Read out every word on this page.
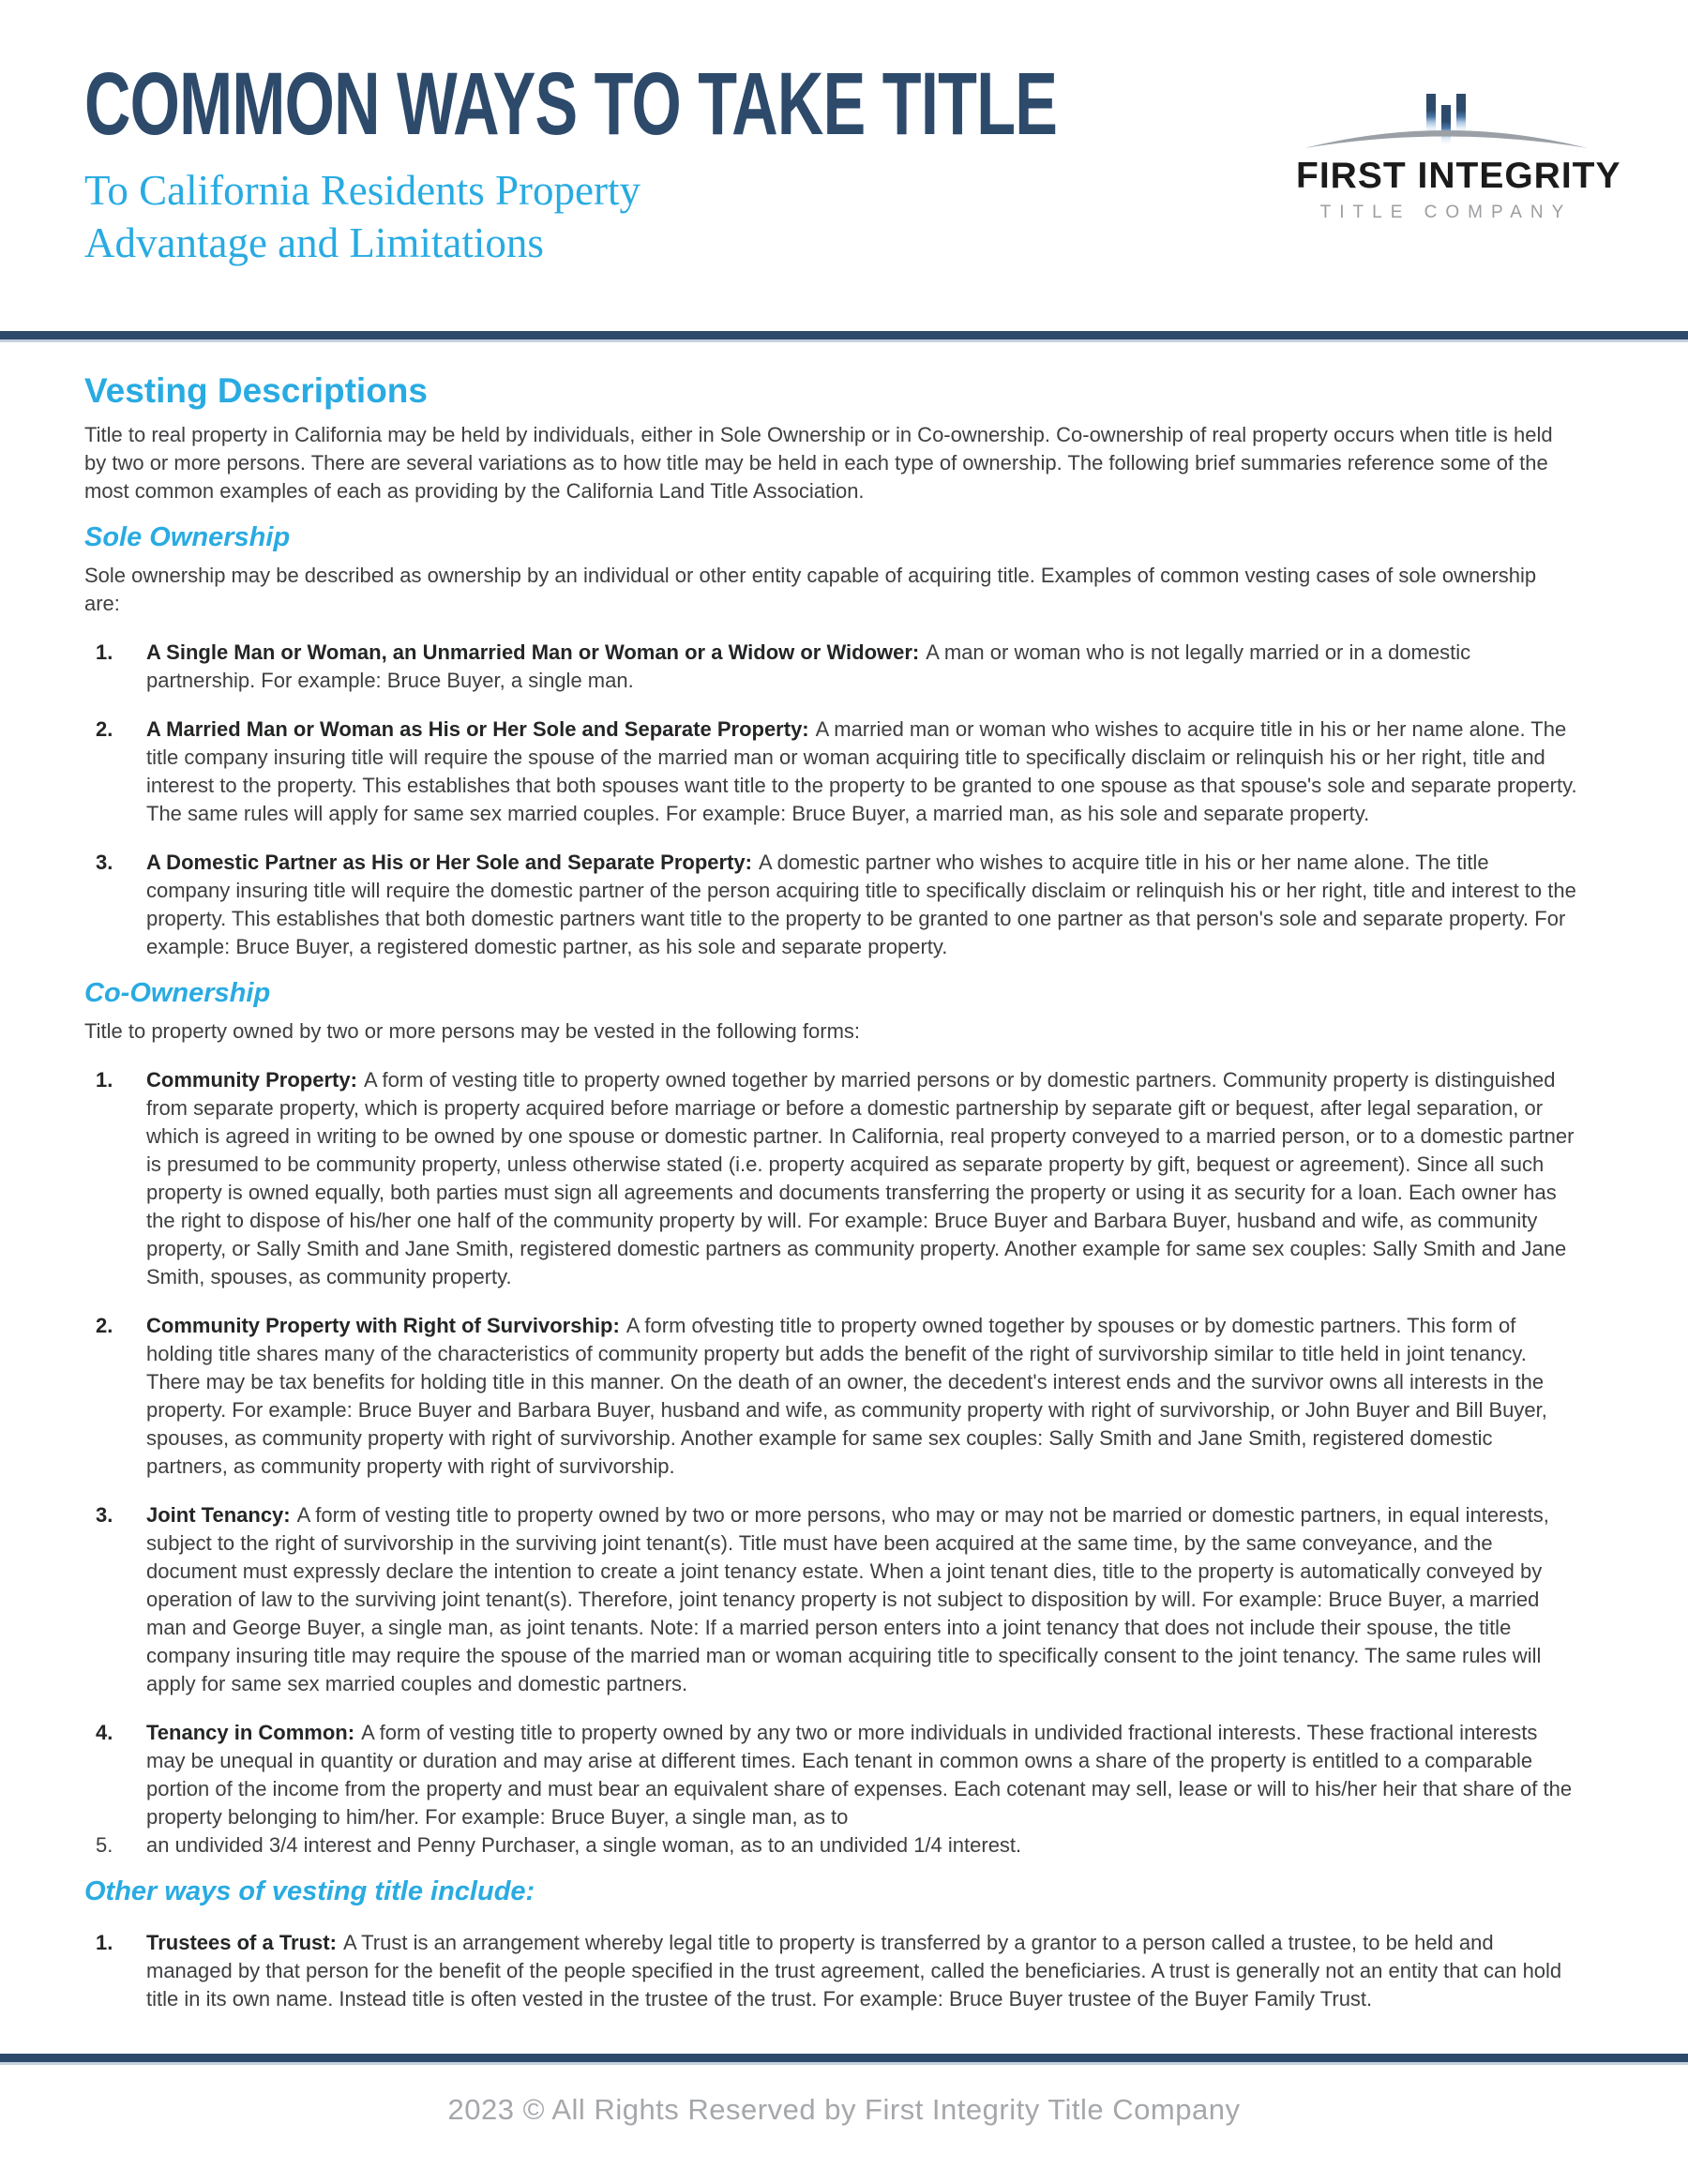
COMMON WAYS TO TAKE TITLE
To California Residents Property
Advantage and Limitations
FIRST INTEGRITY
TITLE COMPANY
Vesting Descriptions

Title to real property in California may be held by individuals, either in Sole Ownership or in Co-ownership. Co-ownership of real property occurs when title is held by two or more persons. There are several variations as to how title may be held in each type of ownership. The following brief summaries reference some of the most common examples of each as providing by the California Land Title Association.

Sole Ownership

Sole ownership may be described as ownership by an individual or other entity capable of acquiring title. Examples of common vesting cases of sole ownership are:

1.	A Single Man or Woman, an Unmarried Man or Woman or a Widow or Widower: A man or woman who is not legally married or in a domestic partnership. For example: Bruce Buyer, a single man.

2.	A Married Man or Woman as His or Her Sole and Separate Property: A married man or woman who wishes to acquire title in his or her name alone. The title company insuring title will require the spouse of the married man or woman acquiring title to specifically disclaim or relinquish his or her right, title and interest to the property. This establishes that both spouses want title to the property to be granted to one spouse as that spouse's sole and separate property. The same rules will apply for same sex married couples. For example: Bruce Buyer, a married man, as his sole and separate property.

3.	A Domestic Partner as His or Her Sole and Separate Property: A domestic partner who wishes to acquire title in his or her name alone. The title company insuring title will require the domestic partner of the person acquiring title to specifically disclaim or relinquish his or her right, title and interest to the property. This establishes that both domestic partners want title to the property to be granted to one partner as that person's sole and separate property. For example: Bruce Buyer, a registered domestic partner, as his sole and separate property.

Co-Ownership

Title to property owned by two or more persons may be vested in the following forms:

1.	Community Property: A form of vesting title to property owned together by married persons or by domestic partners. Community property is distinguished from separate property, which is property acquired before marriage or before a domestic partnership by separate gift or bequest, after legal separation, or which is agreed in writing to be owned by one spouse or domestic partner. In California, real property conveyed to a married person, or to a domestic partner is presumed to be community property, unless otherwise stated (i.e. property acquired as separate property by gift, bequest or agreement). Since all such property is owned equally, both parties must sign all agreements and documents transferring the property or using it as security for a loan. Each owner has the right to dispose of his/her one half of the community property by will. For example: Bruce Buyer and Barbara Buyer, husband and wife, as community property, or Sally Smith and Jane Smith, registered domestic partners as community property. Another example for same sex couples: Sally Smith and Jane Smith, spouses, as community property.

2.	Community Property with Right of Survivorship: A form ofvesting title to property owned together by spouses or by domestic partners. This form of holding title shares many of the characteristics of community property but adds the benefit of the right of survivorship similar to title held in joint tenancy. There may be tax benefits for holding title in this manner. On the death of an owner, the decedent's interest ends and the survivor owns all interests in the property. For example: Bruce Buyer and Barbara Buyer, husband and wife, as community property with right of survivorship, or John Buyer and Bill Buyer, spouses, as community property with right of survivorship. Another example for same sex couples: Sally Smith and Jane Smith, registered domestic partners, as community property with right of survivorship.

3.	Joint Tenancy: A form of vesting title to property owned by two or more persons, who may or may not be married or domestic partners, in equal interests, subject to the right of survivorship in the surviving joint tenant(s). Title must have been acquired at the same time, by the same conveyance, and the document must expressly declare the intention to create a joint tenancy estate. When a joint tenant dies, title to the property is automatically conveyed by operation of law to the surviving joint tenant(s). Therefore, joint tenancy property is not subject to disposition by will. For example: Bruce Buyer, a married man and George Buyer, a single man, as joint tenants. Note: If a married person enters into a joint tenancy that does not include their spouse, the title company insuring title may require the spouse of the married man or woman acquiring title to specifically consent to the joint tenancy. The same rules will apply for same sex married couples and domestic partners.

4.	Tenancy in Common: A form of vesting title to property owned by any two or more individuals in undivided fractional interests. These fractional interests may be unequal in quantity or duration and may arise at different times. Each tenant in common owns a share of the property is entitled to a comparable portion of the income from the property and must bear an equivalent share of expenses. Each cotenant may sell, lease or will to his/her heir that share of the property belonging to him/her. For example: Bruce Buyer, a single man, as to

5.	an undivided 3/4 interest and Penny Purchaser, a single woman, as to an undivided 1/4 interest.

Other ways of vesting title include:
1.	Trustees of a Trust: A Trust is an arrangement whereby legal title to property is transferred by a grantor to a person called a trustee, to be held and managed by that person for the benefit of the people specified in the trust agreement, called the beneficiaries. A trust is generally not an entity that can hold title in its own name. Instead title is often vested in the trustee of the trust. For example: Bruce Buyer trustee of the Buyer Family Trust.

2023 © All Rights Reserved by First Integrity Title Company
